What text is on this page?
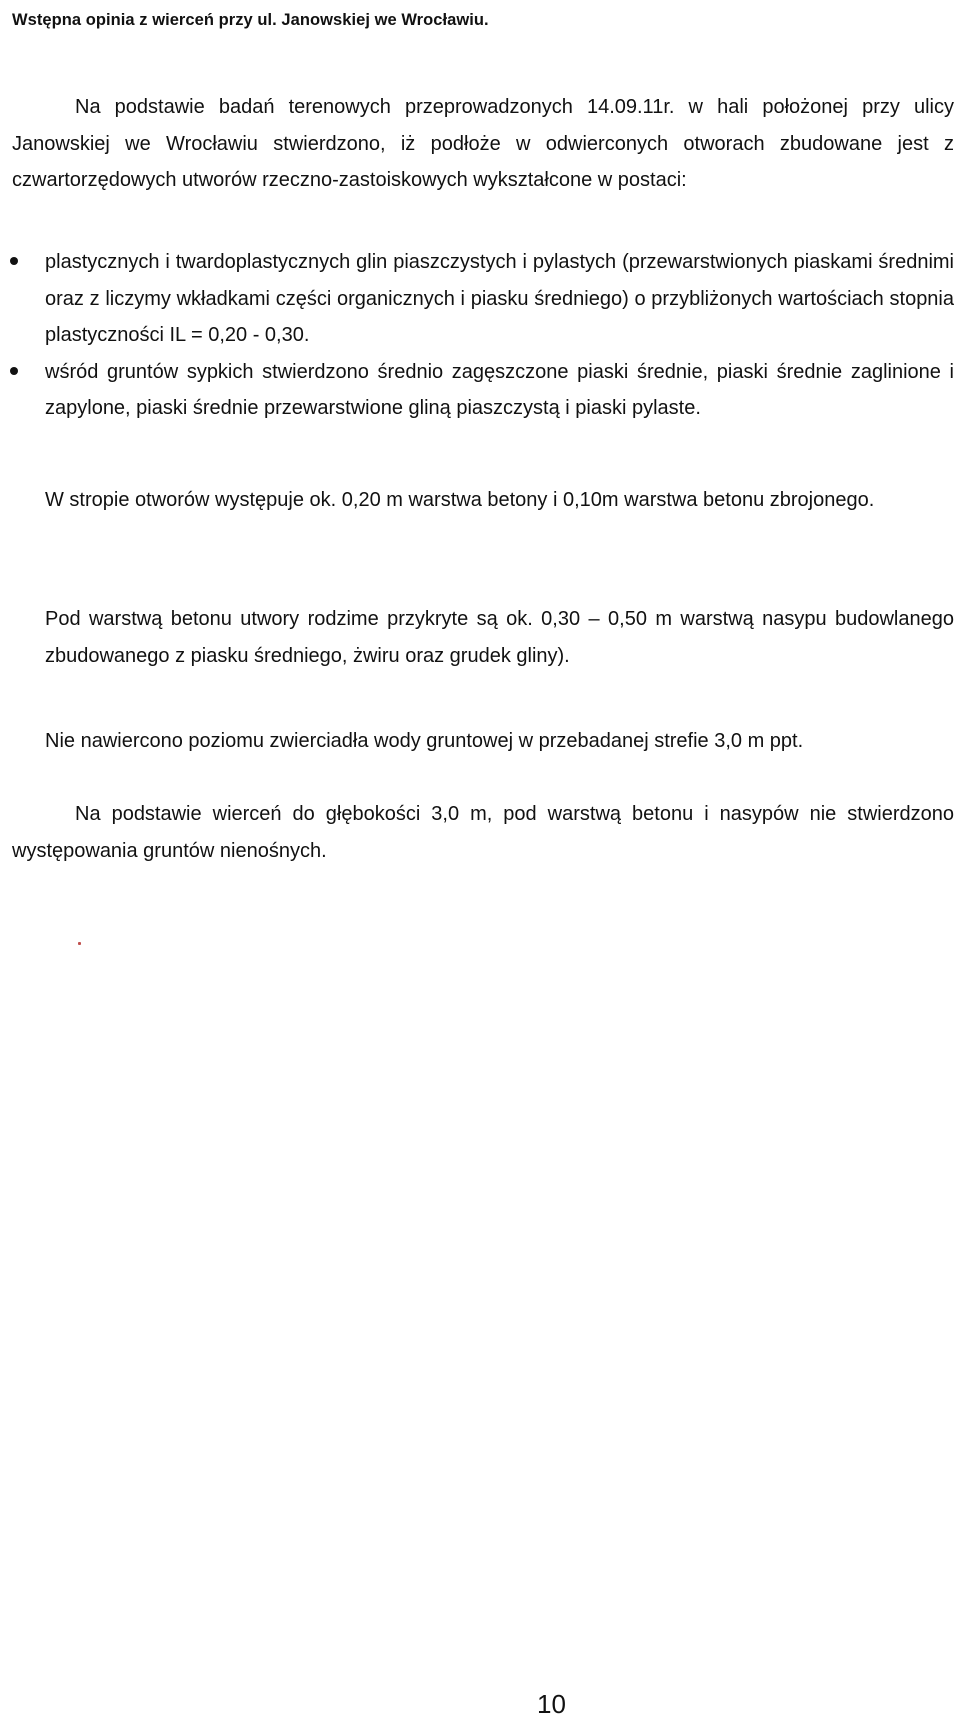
Wstępna opinia z wierceń przy ul. Janowskiej we Wrocławiu.

Na podstawie badań terenowych przeprowadzonych 14.09.11r. w hali położonej przy ulicy Janowskiej we Wrocławiu stwierdzono, iż podłoże w odwierconych otworach zbudowane jest z czwartorzędowych utworów rzeczno-zastoiskowych wykształcone w postaci:

plastycznych i twardoplastycznych glin piaszczystych i pylastych (przewarstwionych piaskami średnimi oraz z liczymy wkładkami części organicznych i piasku średniego) o przybliżonych wartościach stopnia plastyczności IL = 0,20 - 0,30.
wśród gruntów sypkich stwierdzono średnio zagęszczone piaski średnie, piaski średnie zaglinione i zapylone, piaski średnie przewarstwione gliną piaszczystą i piaski pylaste.

W stropie otworów występuje ok. 0,20 m warstwa betony i 0,10m warstwa betonu zbrojonego.

Pod warstwą betonu utwory rodzime przykryte są ok. 0,30 – 0,50 m warstwą nasypu budowlanego zbudowanego z piasku średniego, żwiru oraz grudek gliny).

Nie nawiercono poziomu zwierciadła wody gruntowej w przebadanej strefie 3,0 m ppt.

Na podstawie wierceń do głębokości 3,0 m, pod warstwą betonu i nasypów nie stwierdzono występowania gruntów nienośnych.

10
